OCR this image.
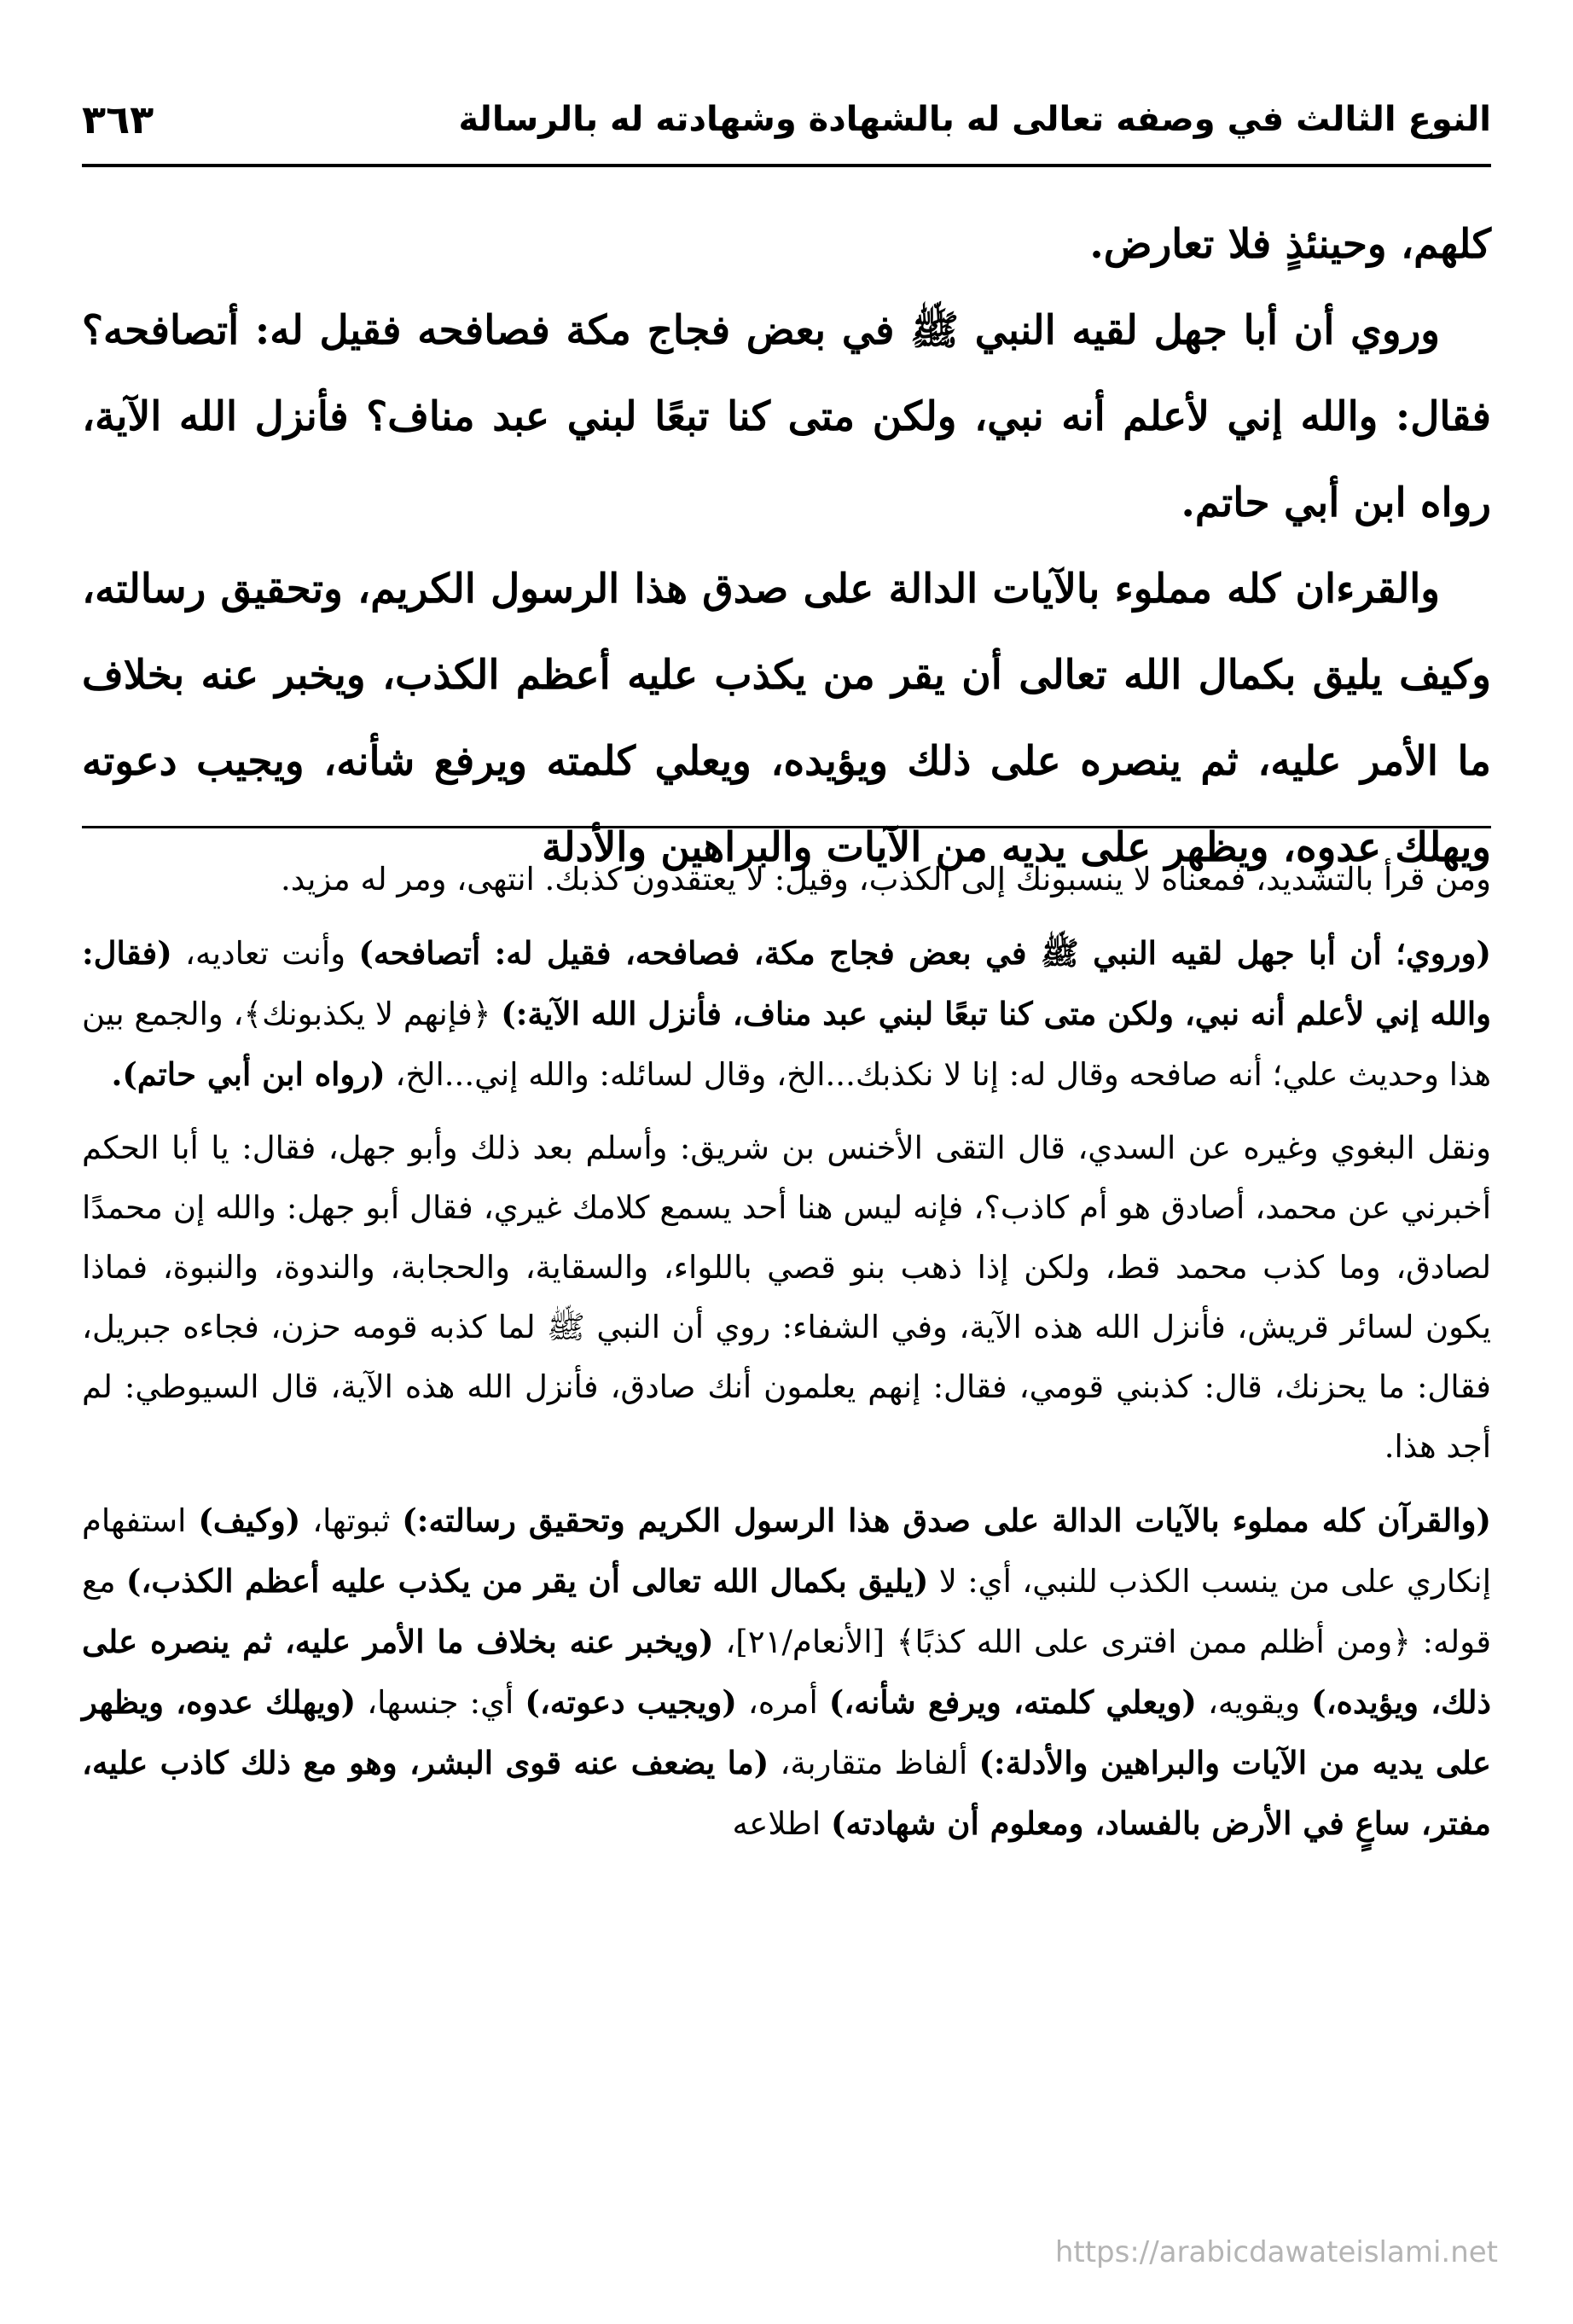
النوع الثالث في وصفه تعالى له بالشهادة وشهادته له بالرسالة
٣٦٣

كلهم، وحينئذٍ فلا تعارض.

وروي أن أبا جهل لقيه النبي ﷺ في بعض فجاج مكة فصافحه فقيل له: أتصافحه؟ فقال: والله إني لأعلم أنه نبي، ولكن متى كنا تبعًا لبني عبد مناف؟ فأنزل الله الآية، رواه ابن أبي حاتم.

والقرءان كله مملوء بالآيات الدالة على صدق هذا الرسول الكريم، وتحقيق رسالته، وكيف يليق بكمال الله تعالى أن يقر من يكذب عليه أعظم الكذب، ويخبر عنه بخلاف ما الأمر عليه، ثم ينصره على ذلك ويؤيده، ويعلي كلمته ويرفع شأنه، ويجيب دعوته ويهلك عدوه، ويظهر على يديه من الآيات والبراهين والأدلة

ومن قرأ بالتشديد، فمعناه لا ينسبونك إلى الكذب، وقيل: لا يعتقدون كذبك. انتهى، ومر له مزيد.

(وروي؛ أن أبا جهل لقيه النبي ﷺ في بعض فجاج مكة، فصافحه، فقيل له: أتصافحه) وأنت تعاديه، (فقال: والله إني لأعلم أنه نبي، ولكن متى كنا تبعًا لبني عبد مناف، فأنزل الله الآية:) ﴿فإنهم لا يكذبونك﴾، والجمع بين هذا وحديث علي؛ أنه صافحه وقال له: إنا لا نكذبك...الخ، وقال لسائله: والله إني...الخ، (رواه ابن أبي حاتم).

ونقل البغوي وغيره عن السدي، قال التقى الأخنس بن شريق: وأسلم بعد ذلك وأبو جهل، فقال: يا أبا الحكم أخبرني عن محمد، أصادق هو أم كاذب؟، فإنه ليس هنا أحد يسمع كلامك غيري، فقال أبو جهل: والله إن محمدًا لصادق، وما كذب محمد قط، ولكن إذا ذهب بنو قصي باللواء، والسقاية، والحجابة، والندوة، والنبوة، فماذا يكون لسائر قريش، فأنزل الله هذه الآية، وفي الشفاء: روي أن النبي ﷺ لما كذبه قومه حزن، فجاءه جبريل، فقال: ما يحزنك، قال: كذبني قومي، فقال: إنهم يعلمون أنك صادق، فأنزل الله هذه الآية، قال السيوطي: لم أجد هذا.

(والقرآن كله مملوء بالآيات الدالة على صدق هذا الرسول الكريم وتحقيق رسالته:) ثبوتها، (وكيف) استفهام إنكاري على من ينسب الكذب للنبي، أي: لا (يليق بكمال الله تعالى أن يقر من يكذب عليه أعظم الكذب،) مع قوله: ﴿ومن أظلم ممن افترى على الله كذبًا﴾ [الأنعام/٢١]، (ويخبر عنه بخلاف ما الأمر عليه، ثم ينصره على ذلك، ويؤيده،) ويقويه، (ويعلي كلمته، ويرفع شأنه،) أمره، (ويجيب دعوته،) أي: جنسها، (ويهلك عدوه، ويظهر على يديه من الآيات والبراهين والأدلة:) ألفاظ متقاربة، (ما يضعف عنه قوى البشر، وهو مع ذلك كاذب عليه، مفتر، ساعٍ في الأرض بالفساد، ومعلوم أن شهادته) اطلاعه

https://arabicdawateislami.net
